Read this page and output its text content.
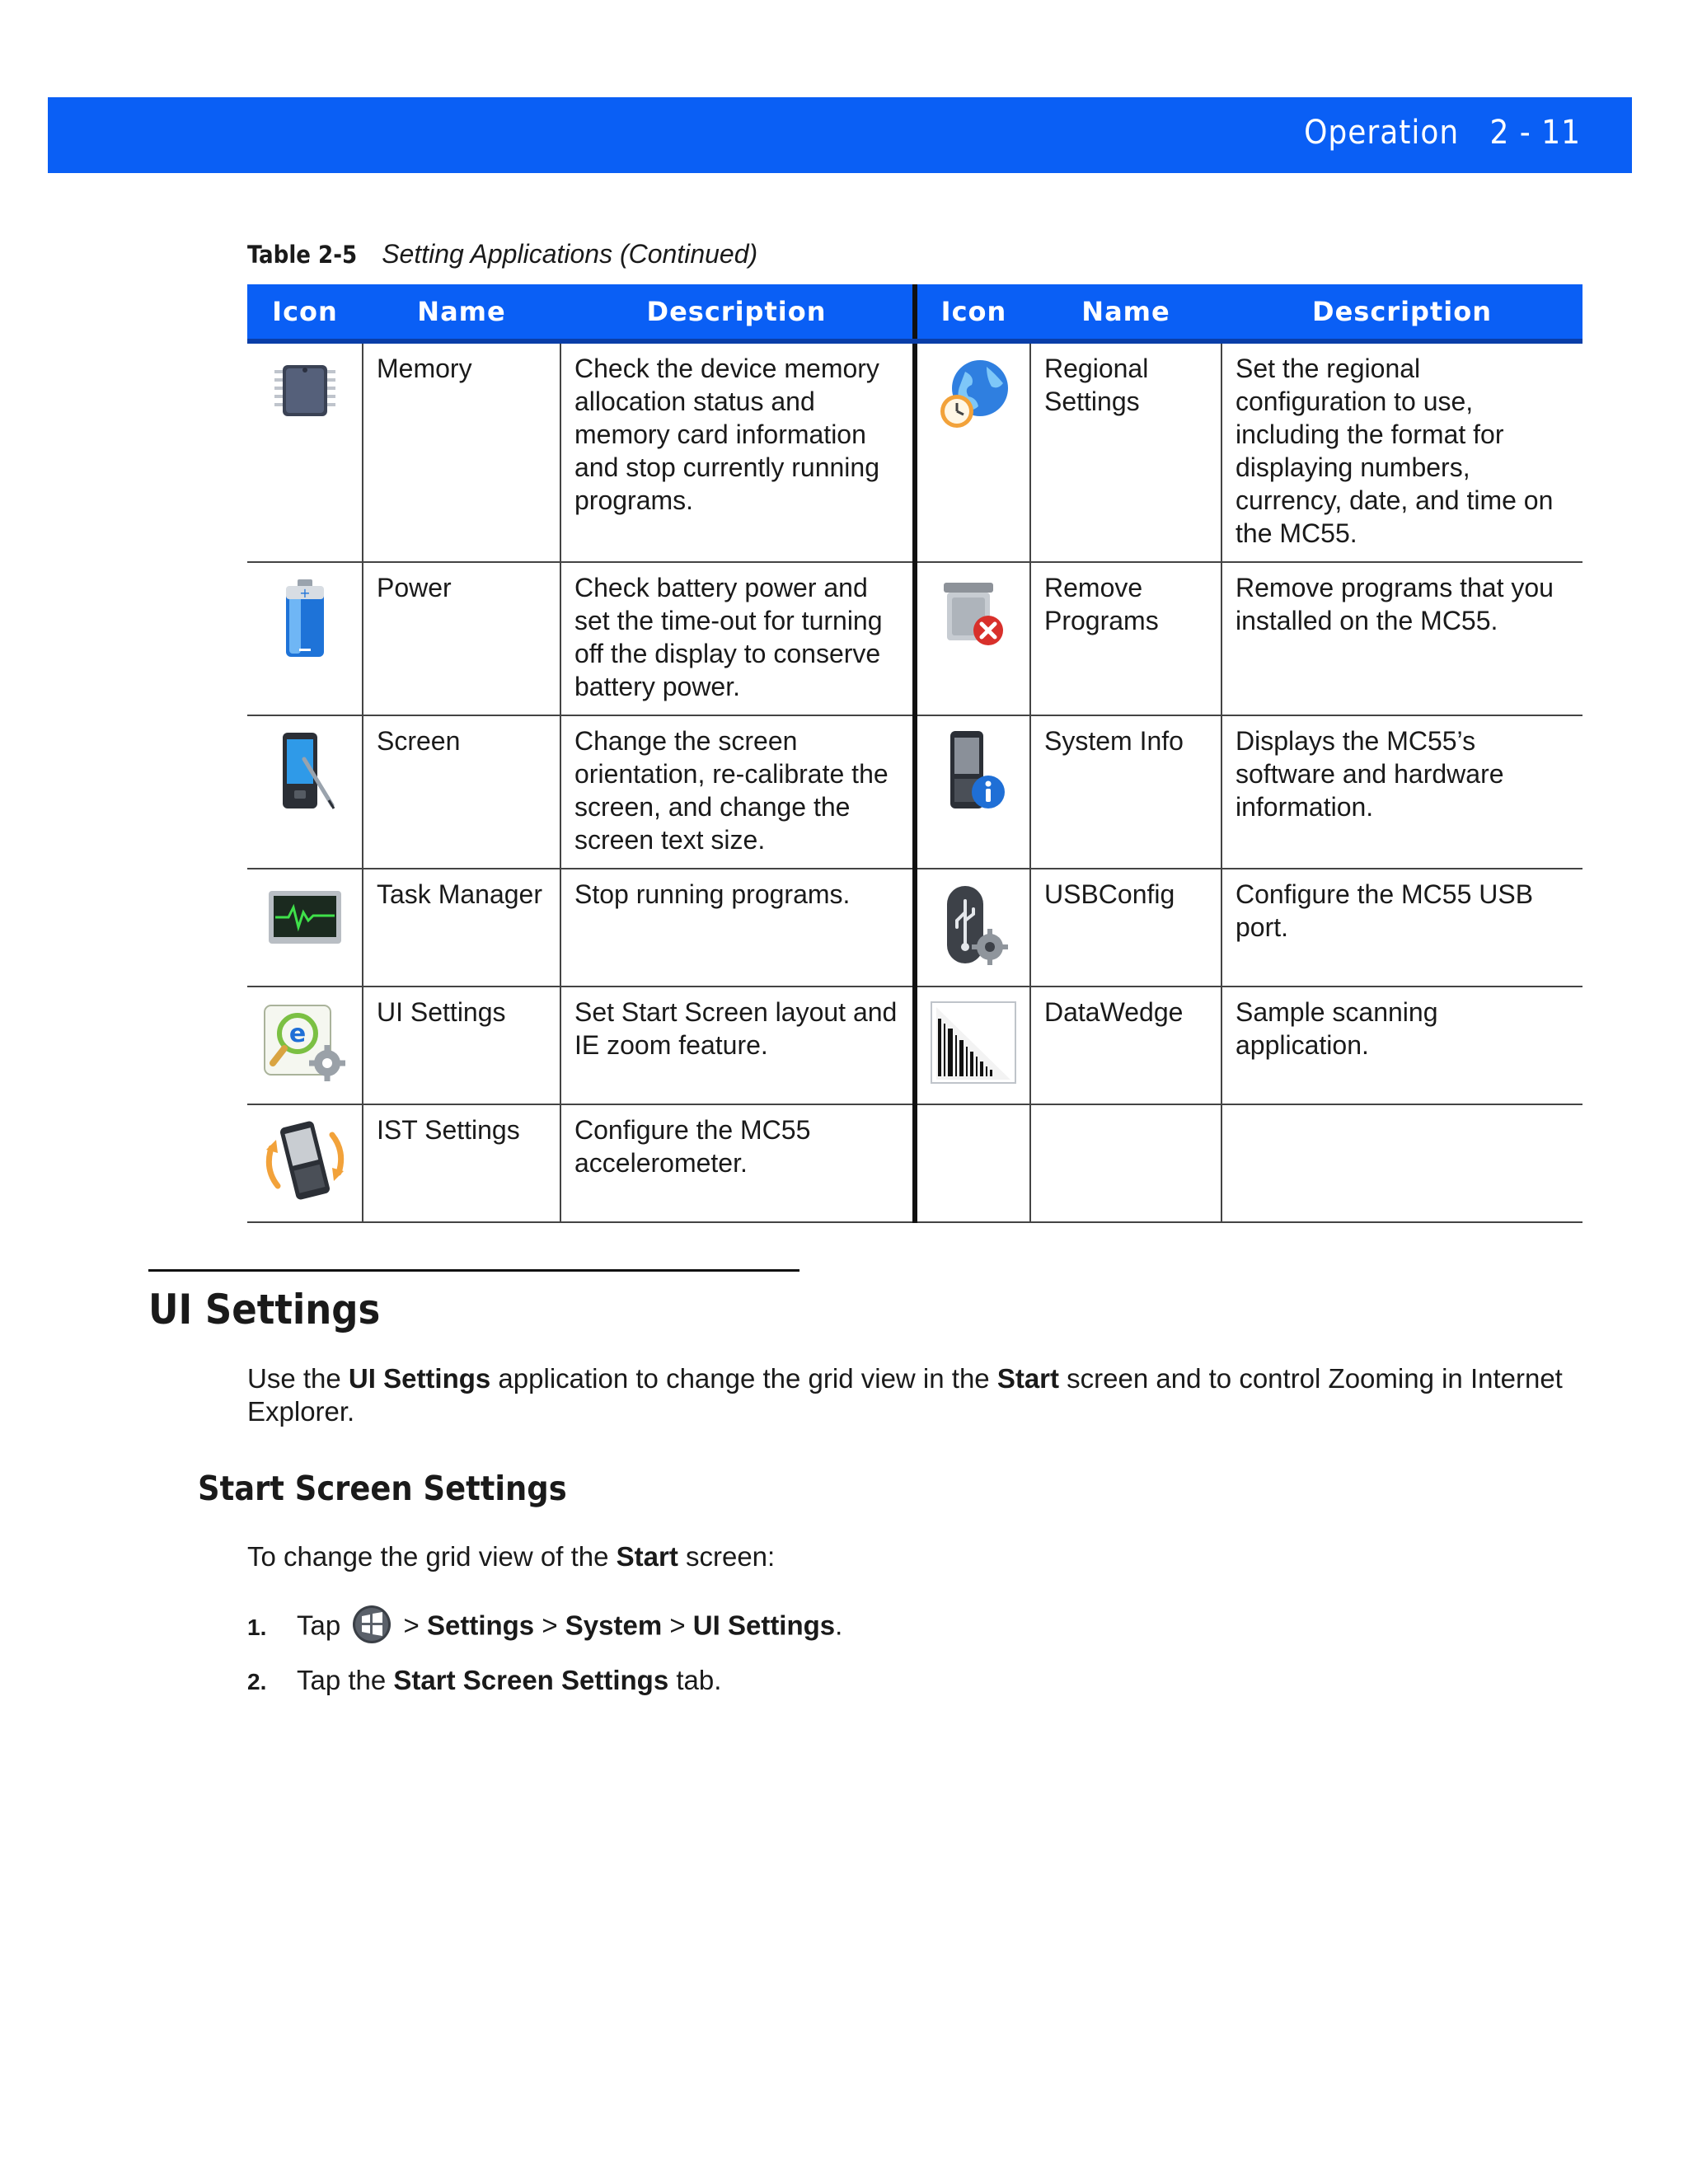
Operation 2 - 11
Table 2-5 Setting Applications (Continued)
Icon	Name	Description	Icon	Name	Description

	Memory	Check the device memory allocation status and memory card information and stop currently running programs.		Regional Settings	Set the regional configuration to use, including the format for displaying numbers, currency, date, and time on the MC55.

+	Power	Check battery power and set the time-out for turning off the display to conserve battery power.		Remove Programs	Remove programs that you installed on the MC55.

	Screen	Change the screen orientation, re-calibrate the screen, and change the screen text size.		System Info	Displays the MC55’s software and hardware information.

	Task Manager	Stop running programs.		USBConfig	Configure the MC55 USB port.

e	UI Settings	Set Start Screen layout and IE zoom feature.		DataWedge	Sample scanning application.

	IST Settings	Configure the MC55 accelerometer.			
UI Settings

Use the UI Settings application to change the grid view in the Start screen and to control Zooming in Internet Explorer.

Start Screen Settings

To change the grid view of the Start screen:

1. Tap  > Settings > System > UI Settings.
2. Tap the Start Screen Settings tab.
